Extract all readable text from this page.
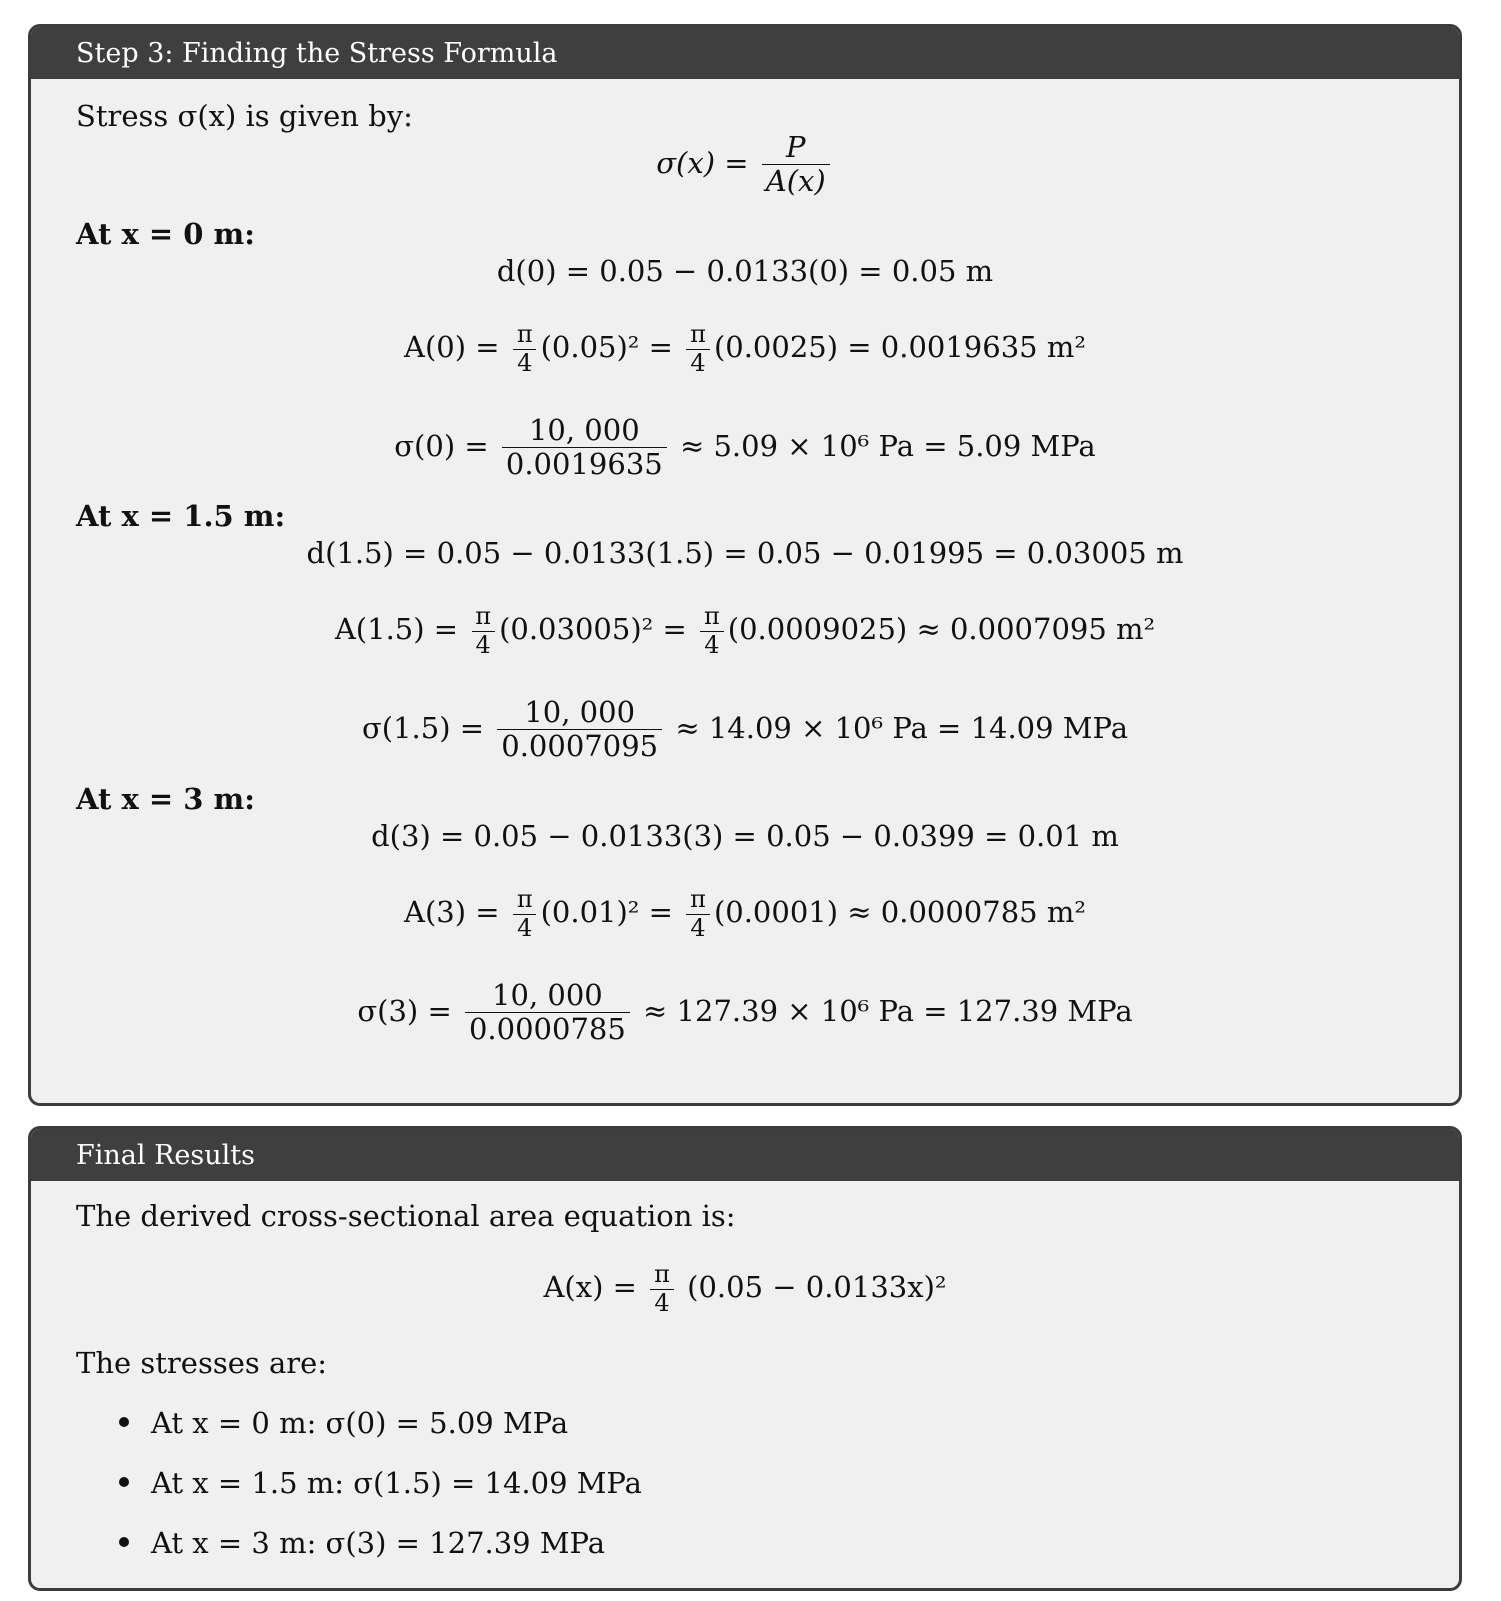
Step 3: Finding the Stress Formula
Stress σ(x) is given by:
$\sigma(x) = \frac{P}{A(x)}$
At x = 0 m:
d(0) = 0.05 − 0.0133(0) = 0.05 m
$A(0) = \frac{\pi}{4} (0.05)^2 = \frac{\pi}{4} (0.0025) = 0.0019635$ m²
$\sigma(0) = \frac{10, 000}{0.0019635} \approx 5.09 \times 10^6$ Pa = 5.09 MPa
At x = 1.5 m:
d(1.5) = 0.05 − 0.0133(1.5) = 0.05 − 0.01995 = 0.03005 m
$A(1.5) = \frac{\pi}{4} (0.03005)^2 = \frac{\pi}{4} (0.0009025) \approx 0.0007095$ m²
$\sigma(1.5) = \frac{10, 000}{0.0007095} \approx 14.09 \times 10^6$ Pa = 14.09 MPa
At x = 3 m:
d(3) = 0.05 − 0.0133(3) = 0.05 − 0.0399 = 0.01 m
$A(3) = \frac{\pi}{4} (0.01)^2 = \frac{\pi}{4} (0.0001) \approx 0.0000785$ m²
$\sigma(3) = \frac{10, 000}{0.0000785} \approx 127.39 \times 10^6$ Pa = 127.39 MPa
Final Results
The derived cross-sectional area equation is:
$A(x) = \frac{\pi}{4} (0.05 - 0.0133x)^2$
The stresses are:
At x = 0 m: σ(0) = 5.09 MPa
At x = 1.5 m: σ(1.5) = 14.09 MPa
At x = 3 m: σ(3) = 127.39 MPa
